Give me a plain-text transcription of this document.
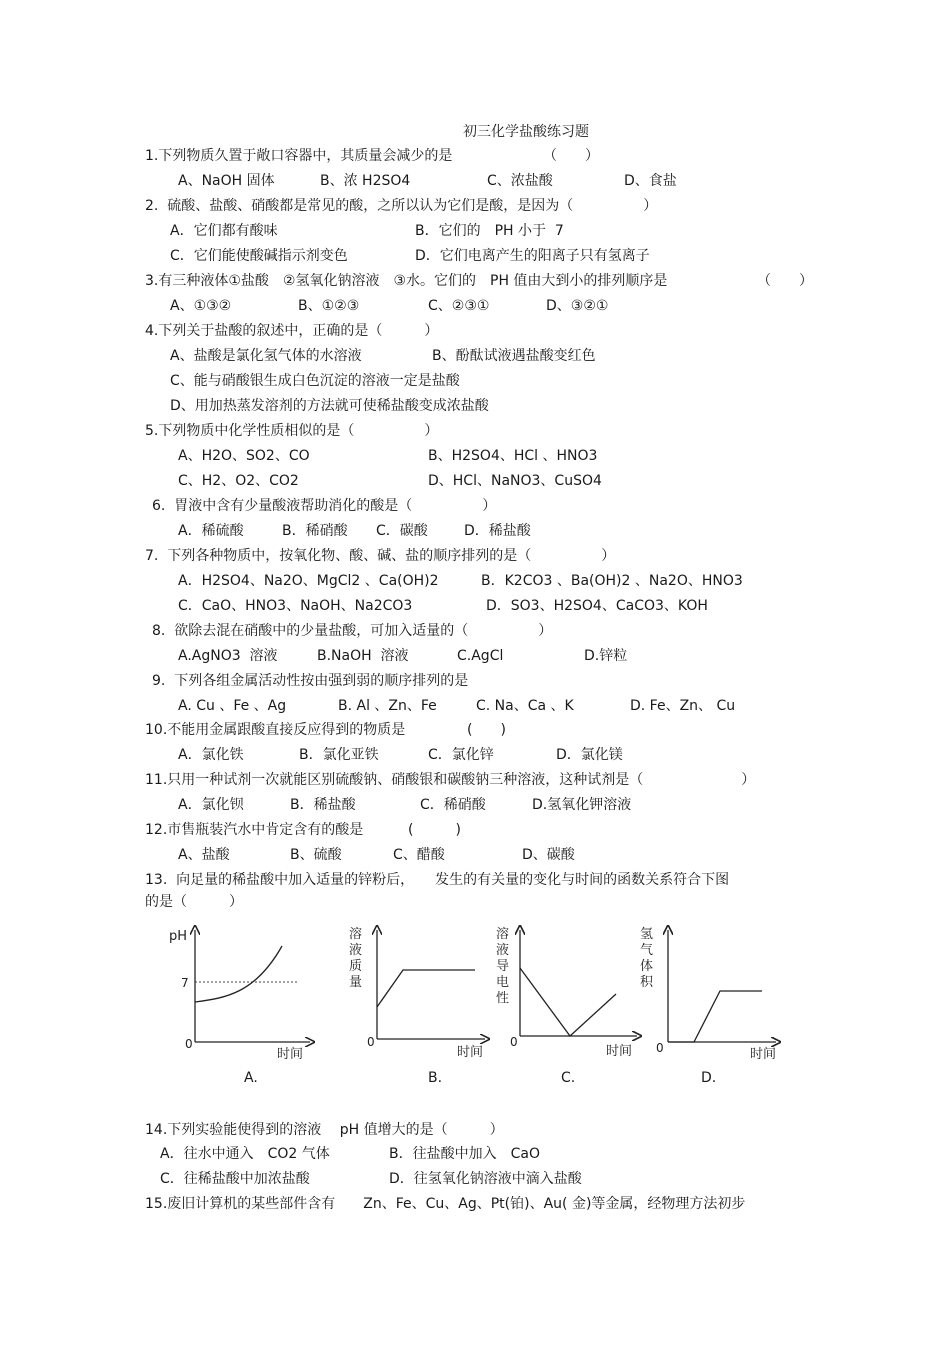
初三化学盐酸练习题
1.下列物质久置于敞口容器中，其质量会减少的是	（　　）
A、NaOH 固体	B、浓 H2SO4	C、浓盐酸	D、食盐
2.  硫酸、盐酸、硝酸都是常见的酸，之所以认为它们是酸，是因为（　　　　　）
A．它们都有酸味	B．它们的　PH 小于  7
C．它们能使酸碱指示剂变色	D．它们电离产生的阳离子只有氢离子
3.有三种液体①盐酸　②氢氧化钠溶液　③水。它们的　PH 值由大到小的排列顺序是	（　　）
A、①③②	B、①②③	C、②③①	D、③②①
4.下列关于盐酸的叙述中，正确的是（　　　）
A、盐酸是氯化氢气体的水溶液	B、酚酞试液遇盐酸变红色
C、能与硝酸银生成白色沉淀的溶液一定是盐酸
D、用加热蒸发溶剂的方法就可使稀盐酸变成浓盐酸
5.下列物质中化学性质相似的是（　　　　　）
A、H2O、SO2、CO	B、H2SO4、HCl 、HNO3
C、H2、O2、CO2	D、HCl、NaNO3、CuSO4
6.  胃液中含有少量酸液帮助消化的酸是（　　　　　）
A．稀硫酸	B．稀硝酸 C．碳酸	D．稀盐酸
7.  下列各种物质中，按氧化物、酸、碱、盐的顺序排列的是（　　　　　）
A．H2SO4、Na2O、MgCl2 、Ca(OH)2	B．K2CO3 、Ba(OH)2 、Na2O、HNO3
C．CaO、HNO3、NaOH、Na2CO3	D．SO3、H2SO4、CaCO3、KOH
8.  欲除去混在硝酸中的少量盐酸，可加入适量的（　　　　　）
A.AgNO3  溶液	B.NaOH  溶液	C.AgCl	D.锌粒
9.  下列各组金属活动性按由强到弱的顺序排列的是
A. Cu 、Fe 、Ag	B. Al 、Zn、Fe	C. Na、Ca 、K	D. Fe、Zn、 Cu
10.不能用金属跟酸直接反应得到的物质是	(　　)
A．氯化铁	B．氯化亚铁	C．氯化锌	D．氯化镁
11.只用一种试剂一次就能区别硫酸钠、硝酸银和碳酸钠三种溶液，这种试剂是（　　　　　　　）
A．氯化钡	B．稀盐酸	C．稀硝酸	D.氢氧化钾溶液
12.市售瓶装汽水中肯定含有的酸是	(　　　)
A、盐酸	B、硫酸	C、醋酸	D、碳酸
13.  向足量的稀盐酸中加入适量的锌粉后，　　发生的有关量的变化与时间的函数关系符合下图
的是（　　　）
pH
7
0
时间
A.
溶 液 质 量
0
时间
B.
溶 液 导 电 性
0
时间
C.
氢 气 体 积
0	时间
D.
14.下列实验能使得到的溶液　 pH 值增大的是（　　　）
A．往水中通入　CO2 气体	B．往盐酸中加入　CaO
C．往稀盐酸中加浓盐酸	D．往氢氧化钠溶液中滴入盐酸
15.废旧计算机的某些部件含有　　Zn、Fe、Cu、Ag、Pt(铂)、Au( 金)等金属，经物理方法初步
